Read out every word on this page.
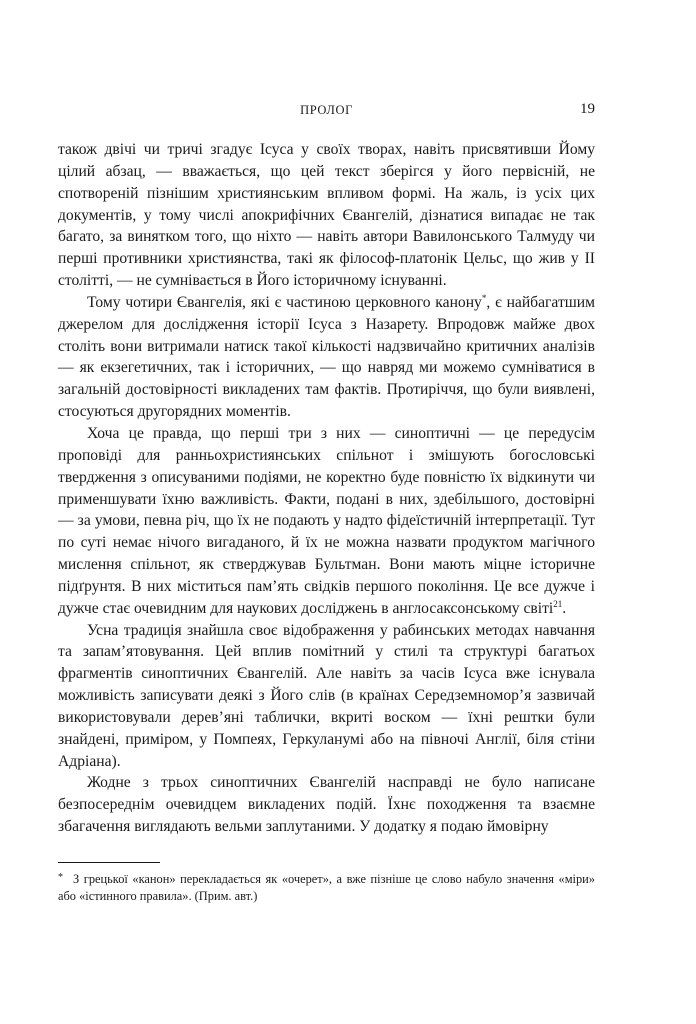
ПРОЛОГ	19

також двічі чи тричі згадує Ісуса у своїх творах, навіть присвятивши Йому цілий абзац, — вважається, що цей текст зберігся у його первісній, не спотвореній пізнішим християнським впливом формі. На жаль, із усіх цих документів, у тому числі апокрифічних Євангелій, дізнатися випадає не так багато, за винятком того, що ніхто — навіть автори Вавилонського Талмуду чи перші противники християнства, такі як філософ-платонік Цельс, що жив у ІІ столітті, — не сумнівається в Його історичному існуванні.

Тому чотири Євангелія, які є частиною церковного канону*, є найбагатшим джерелом для дослідження історії Ісуса з Назарету. Впродовж майже двох століть вони витримали натиск такої кількості надзвичайно критичних аналізів — як екзегетичних, так і історичних, — що навряд ми можемо сумніватися в загальній достовірності викладених там фактів. Протиріччя, що були виявлені, стосуються другорядних моментів.

Хоча це правда, що перші три з них — синоптичні — це передусім проповіді для ранньохристиянських спільнот і змішують богословські твердження з описуваними подіями, не коректно буде повністю їх відкинути чи применшувати їхню важливість. Факти, подані в них, здебільшого, достовірні — за умови, певна річ, що їх не подають у надто фідеїстичній інтерпретації. Тут по суті немає нічого вигаданого, й їх не можна назвати продуктом магічного мислення спільнот, як стверджував Бультман. Вони мають міцне історичне підґрунтя. В них міститься пам’ять свідків першого покоління. Це все дужче і дужче стає очевидним для наукових досліджень в англосаксонському світі$^{21}$.

Усна традиція знайшла своє відображення у рабинських методах навчання та запам’ятовування. Цей вплив помітний у стилі та структурі багатьох фрагментів синоптичних Євангелій. Але навіть за часів Ісуса вже існувала можливість записувати деякі з Його слів (в країнах Середземномор’я зазвичай використовували дерев’яні таблички, вкриті воском — їхні рештки були знайдені, приміром, у Помпеях, Геркуланумі або на півночі Англії, біля стіни Адріана).

Жодне з трьох синоптичних Євангелій насправді не було написане безпосереднім очевидцем викладених подій. Їхнє походження та взаємне збагачення виглядають вельми заплутаними. У додатку я подаю ймовірну

* З грецької «канон» перекладається як «очерет», а вже пізніше це слово набуло значення «міри» або «істинного правила». (Прим. авт.)
